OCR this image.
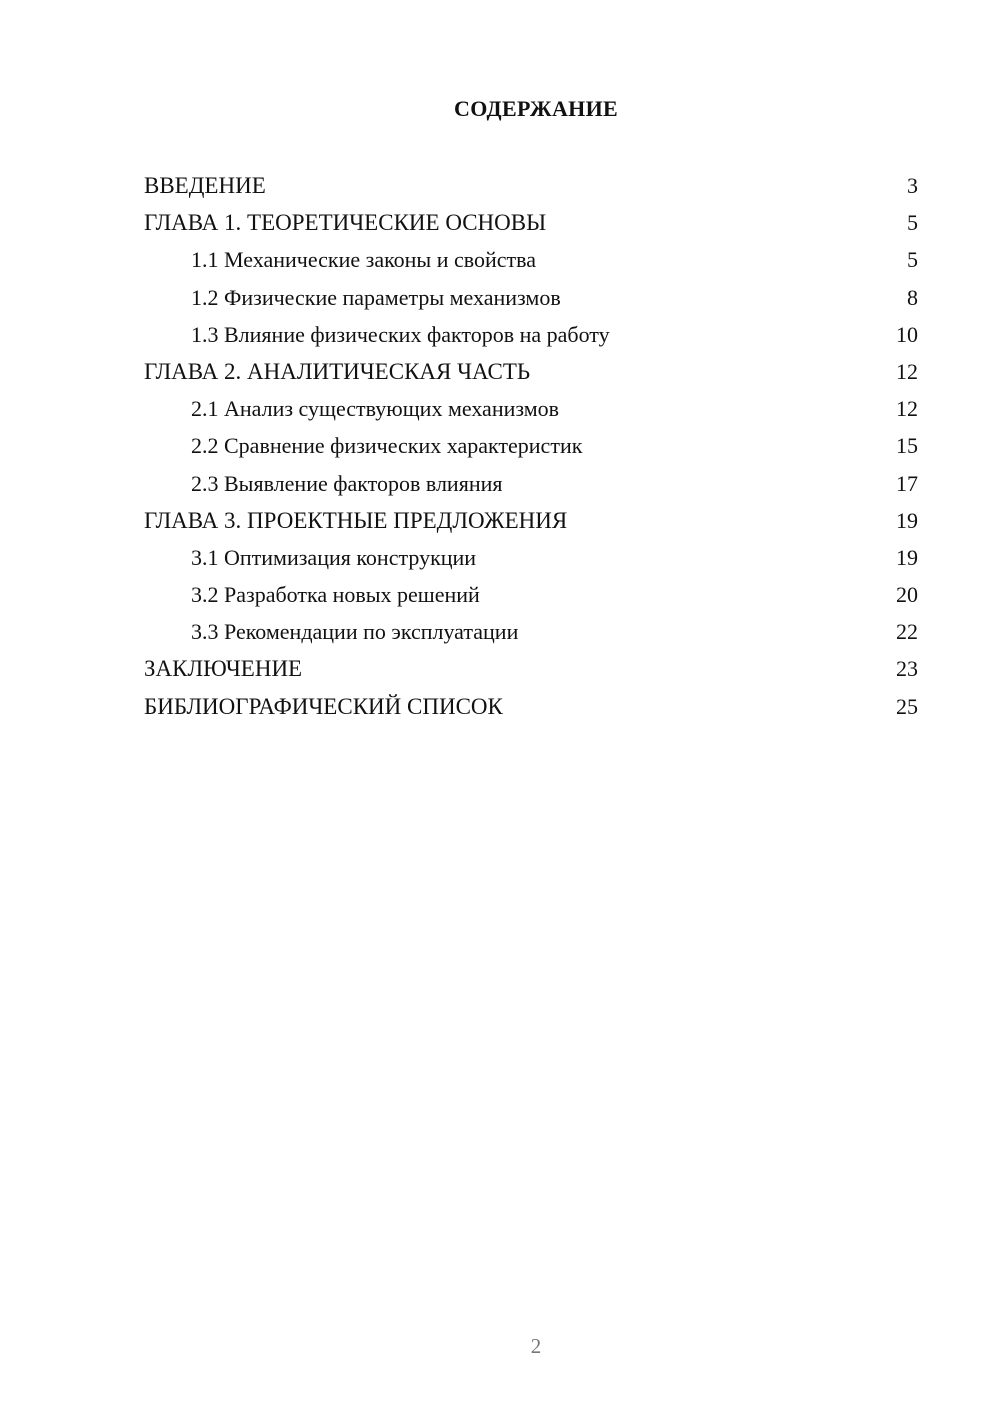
СОДЕРЖАНИЕ
ВВЕДЕНИЕ	3
ГЛАВА 1. ТЕОРЕТИЧЕСКИЕ ОСНОВЫ	5
1.1 Механические законы и свойства	5
1.2 Физические параметры механизмов	8
1.3 Влияние физических факторов на работу	10
ГЛАВА 2. АНАЛИТИЧЕСКАЯ ЧАСТЬ	12
2.1 Анализ существующих механизмов	12
2.2 Сравнение физических характеристик	15
2.3 Выявление факторов влияния	17
ГЛАВА 3. ПРОЕКТНЫЕ ПРЕДЛОЖЕНИЯ	19
3.1 Оптимизация конструкции	19
3.2 Разработка новых решений	20
3.3 Рекомендации по эксплуатации	22
ЗАКЛЮЧЕНИЕ	23
БИБЛИОГРАФИЧЕСКИЙ СПИСОК	25
2
